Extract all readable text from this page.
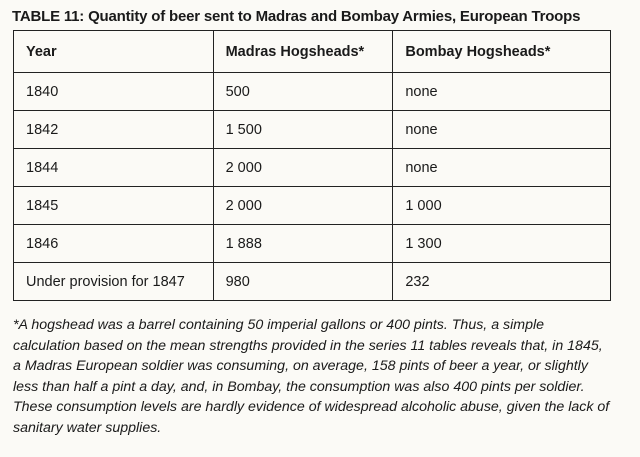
TABLE 11: Quantity of beer sent to Madras and Bombay Armies, European Troops
Year	Madras Hogsheads*	Bombay Hogsheads*
1840	500	none
1842	1 500	none
1844	2 000	none
1845	2 000	1 000
1846	1 888	1 300
Under provision for 1847	980	232
*A hogshead was a barrel containing 50 imperial gallons or 400 pints. Thus, a simple calculation based on the mean strengths provided in the series 11 tables reveals that, in 1845, a Madras European soldier was consuming, on average, 158 pints of beer a year, or slightly less than half a pint a day, and, in Bombay, the consumption was also 400 pints per soldier. These consumption levels are hardly evidence of widespread alcoholic abuse, given the lack of sanitary water supplies.
